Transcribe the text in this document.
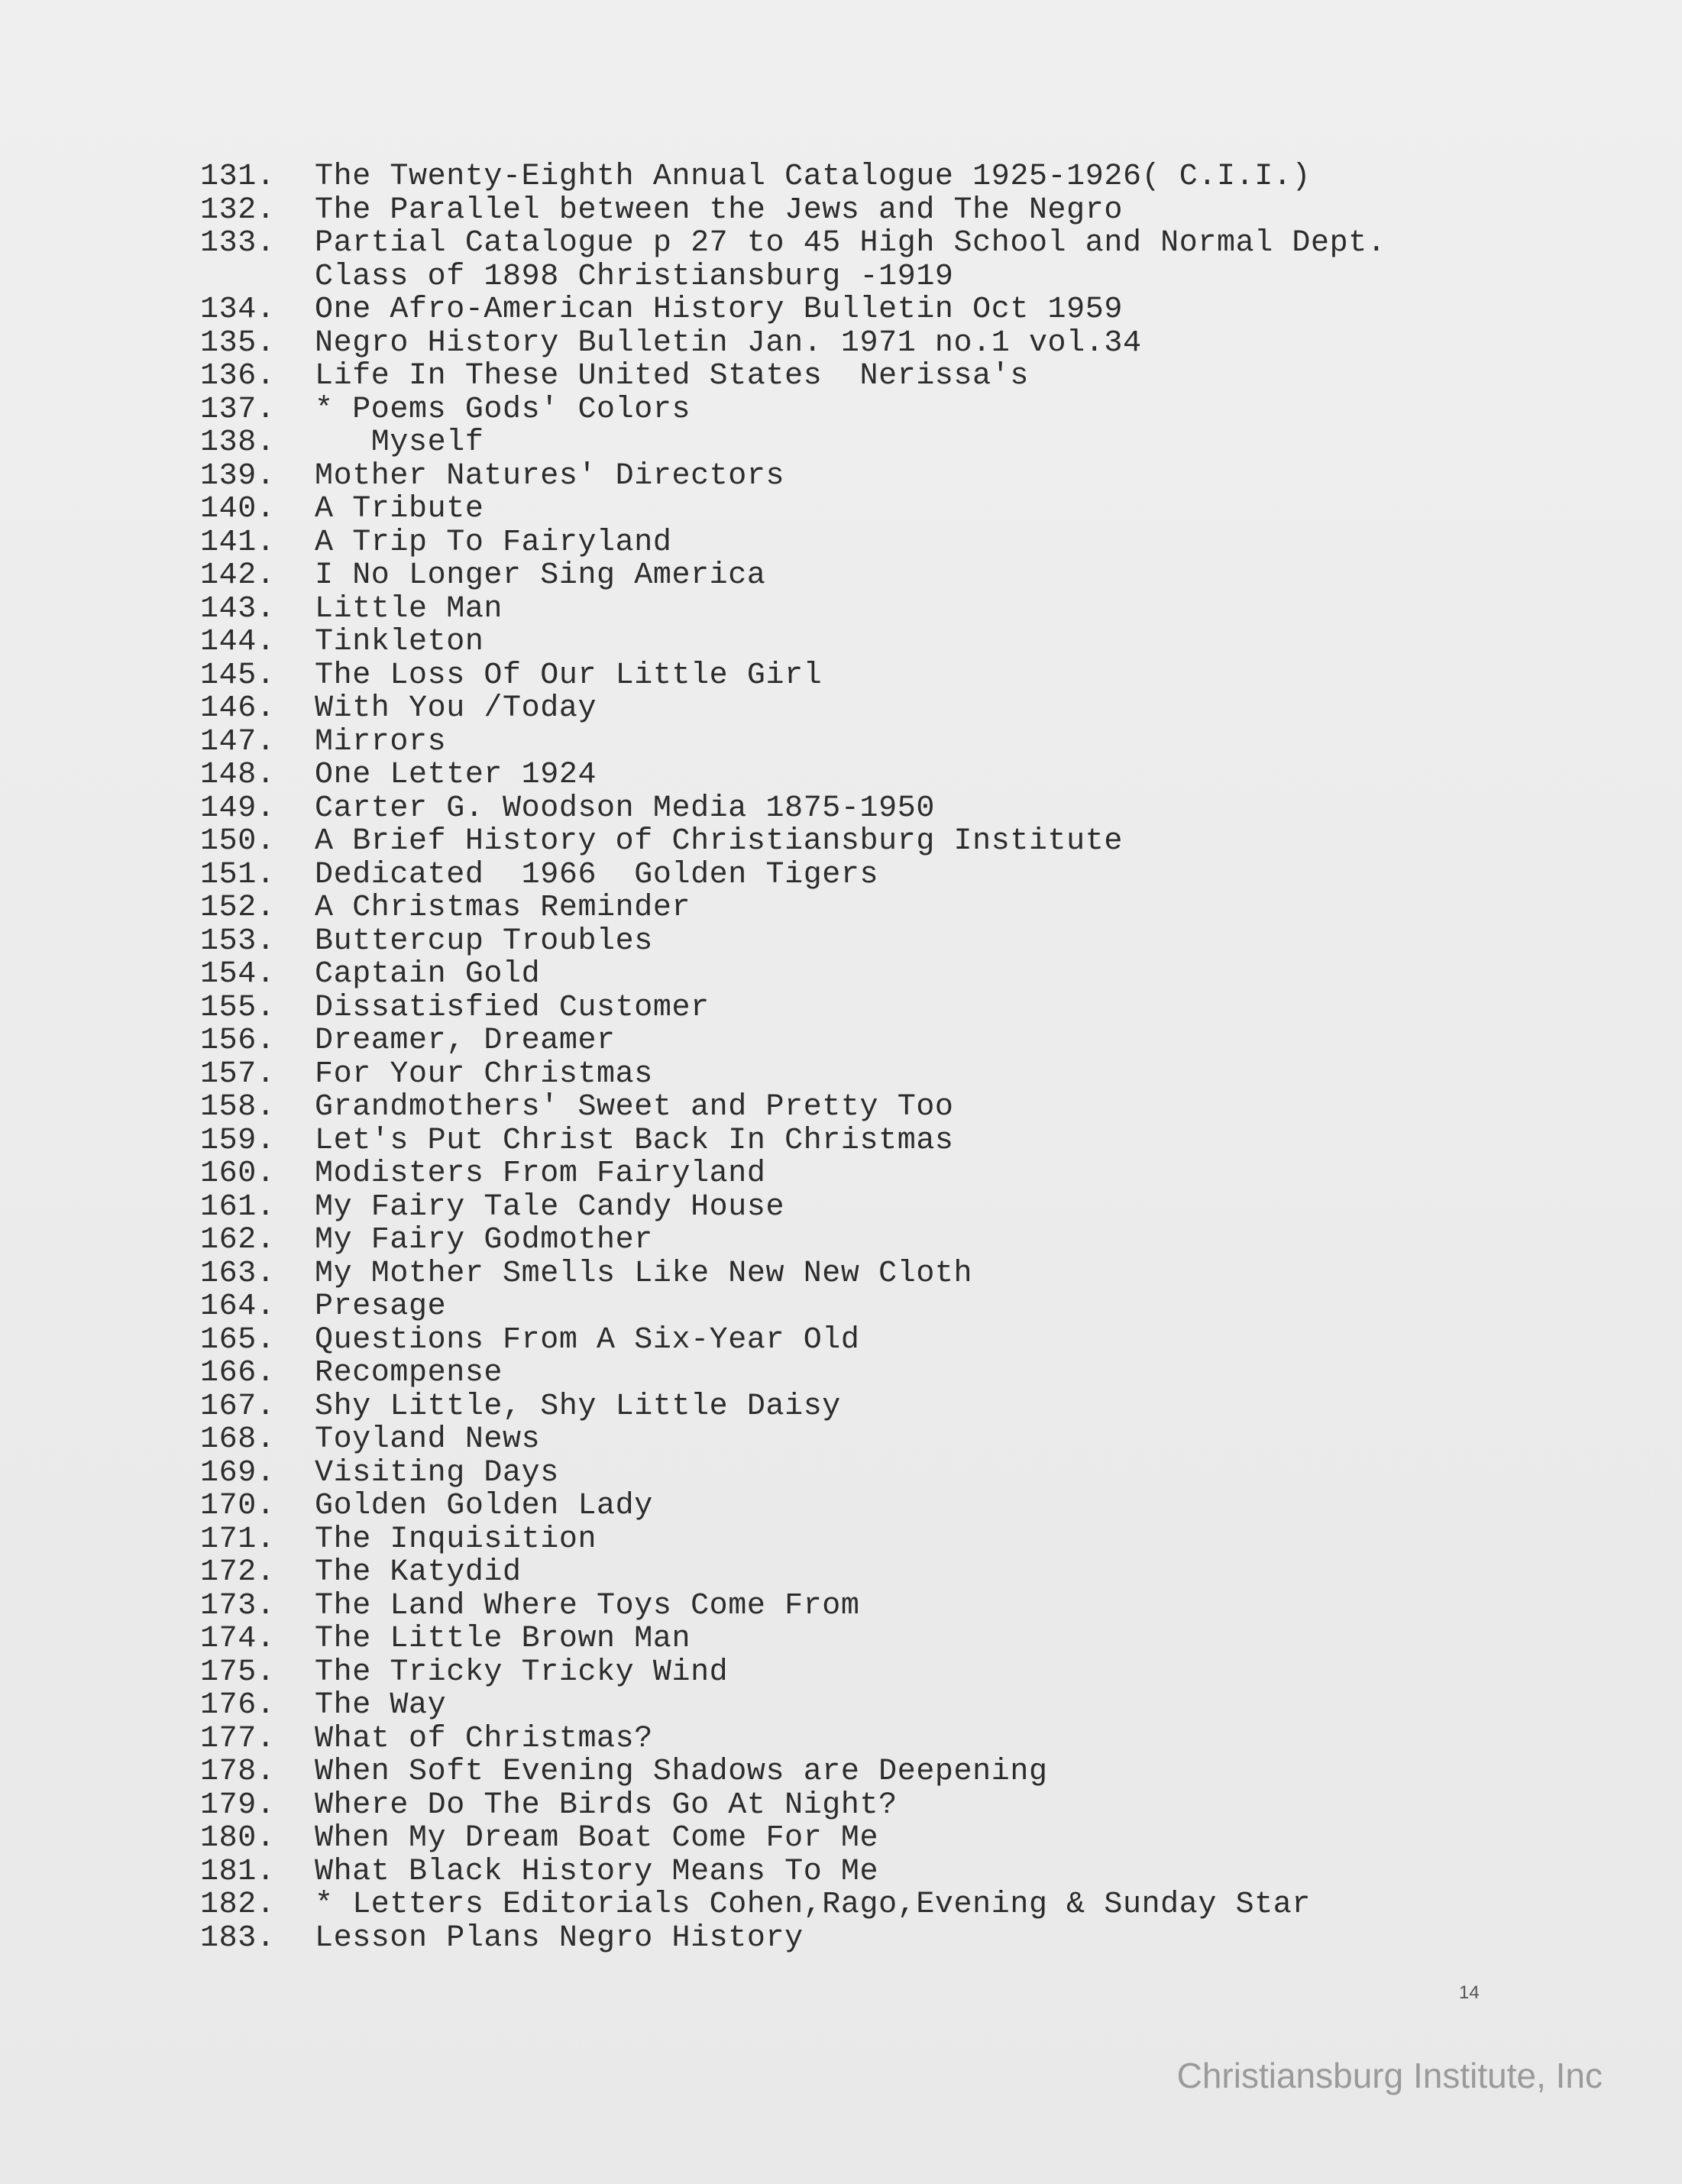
131.	The Twenty-Eighth Annual Catalogue 1925-1926( C.I.I.)
132.	The Parallel between the Jews and The Negro
133.	Partial Catalogue p 27 to 45 High School and Normal Dept.
Class of 1898 Christiansburg -1919
134.	One Afro-American History Bulletin Oct 1959
135.	Negro History Bulletin Jan. 1971 no.1 vol.34
136.	Life In These United States  Nerissa's
137.	* Poems Gods' Colors
138.	Myself
139.	Mother Natures' Directors
140.	A Tribute
141.	A Trip To Fairyland
142.	I No Longer Sing America
143.	Little Man
144.	Tinkleton
145.	The Loss Of Our Little Girl
146.	With You /Today
147.	Mirrors
148.	One Letter 1924
149.	Carter G. Woodson Media 1875-1950
150.	A Brief History of Christiansburg Institute
151.	Dedicated  1966  Golden Tigers
152.	A Christmas Reminder
153.	Buttercup Troubles
154.	Captain Gold
155.	Dissatisfied Customer
156.	Dreamer, Dreamer
157.	For Your Christmas
158.	Grandmothers' Sweet and Pretty Too
159.	Let's Put Christ Back In Christmas
160.	Modisters From Fairyland
161.	My Fairy Tale Candy House
162.	My Fairy Godmother
163.	My Mother Smells Like New New Cloth
164.	Presage
165.	Questions From A Six-Year Old
166.	Recompense
167.	Shy Little, Shy Little Daisy
168.	Toyland News
169.	Visiting Days
170.	Golden Golden Lady
171.	The Inquisition
172.	The Katydid
173.	The Land Where Toys Come From
174.	The Little Brown Man
175.	The Tricky Tricky Wind
176.	The Way
177.	What of Christmas?
178.	When Soft Evening Shadows are Deepening
179.	Where Do The Birds Go At Night?
180.	When My Dream Boat Come For Me
181.	What Black History Means To Me
182.	* Letters Editorials Cohen,Rago,Evening & Sunday Star
183.	Lesson Plans Negro History
14
Christiansburg Institute, Inc
